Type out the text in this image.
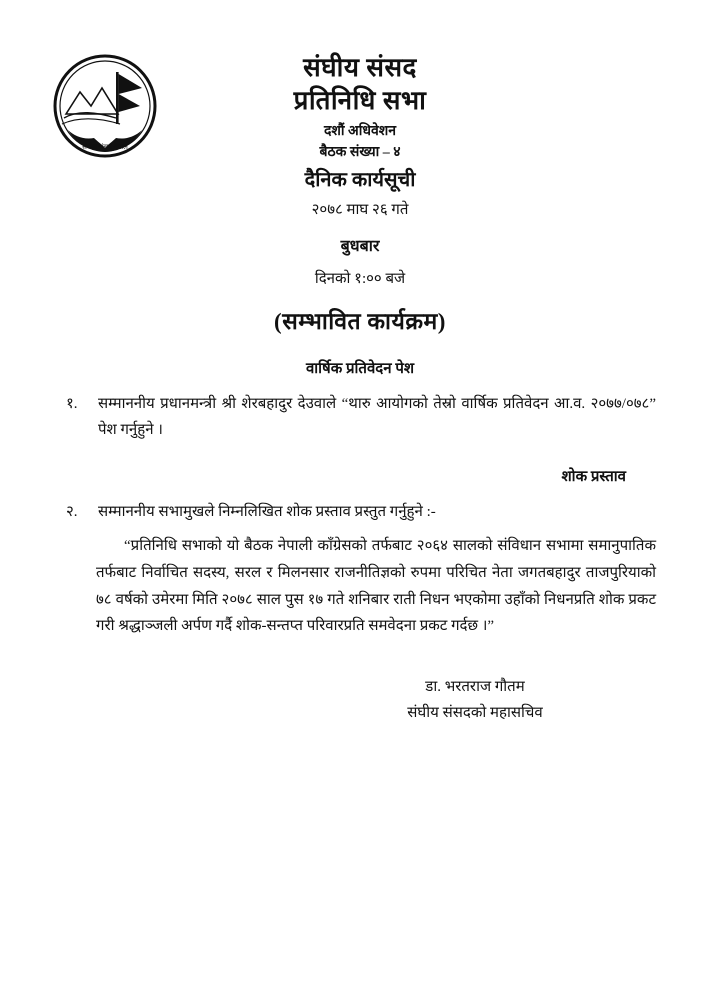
संघीय संसद नेपाल
संघीय संसद
प्रतिनिधि सभा
दशौं अधिवेशन
बैठक संख्या – ४
दैनिक कार्यसूची
२०७८ माघ २६ गते
बुधबार
दिनको १:०० बजे
(सम्भावित कार्यक्रम)
वार्षिक प्रतिवेदन पेश
१.	सम्माननीय प्रधानमन्त्री श्री शेरबहादुर देउवाले “थारु आयोगको तेस्रो वार्षिक प्रतिवेदन आ.व. २०७७/०७८” पेश गर्नुहुने ।
शोक प्रस्ताव
२.	सम्माननीय सभामुखले निम्नलिखित शोक प्रस्ताव प्रस्तुत गर्नुहुने :-
“प्रतिनिधि सभाको यो बैठक नेपाली काँग्रेसको तर्फबाट २०६४ सालको संविधान सभामा समानुपातिक तर्फबाट निर्वाचित सदस्य, सरल र मिलनसार राजनीतिज्ञको रुपमा परिचित नेता जगतबहादुर ताजपुरियाको ७८ वर्षको उमेरमा मिति २०७८ साल पुस १७ गते शनिबार राती निधन भएकोमा उहाँको निधनप्रति शोक प्रकट गरी श्रद्धाञ्जली अर्पण गर्दै शोक-सन्तप्त परिवारप्रति समवेदना प्रकट गर्दछ ।”
डा. भरतराज गौतम
संघीय संसदको महासचिव
